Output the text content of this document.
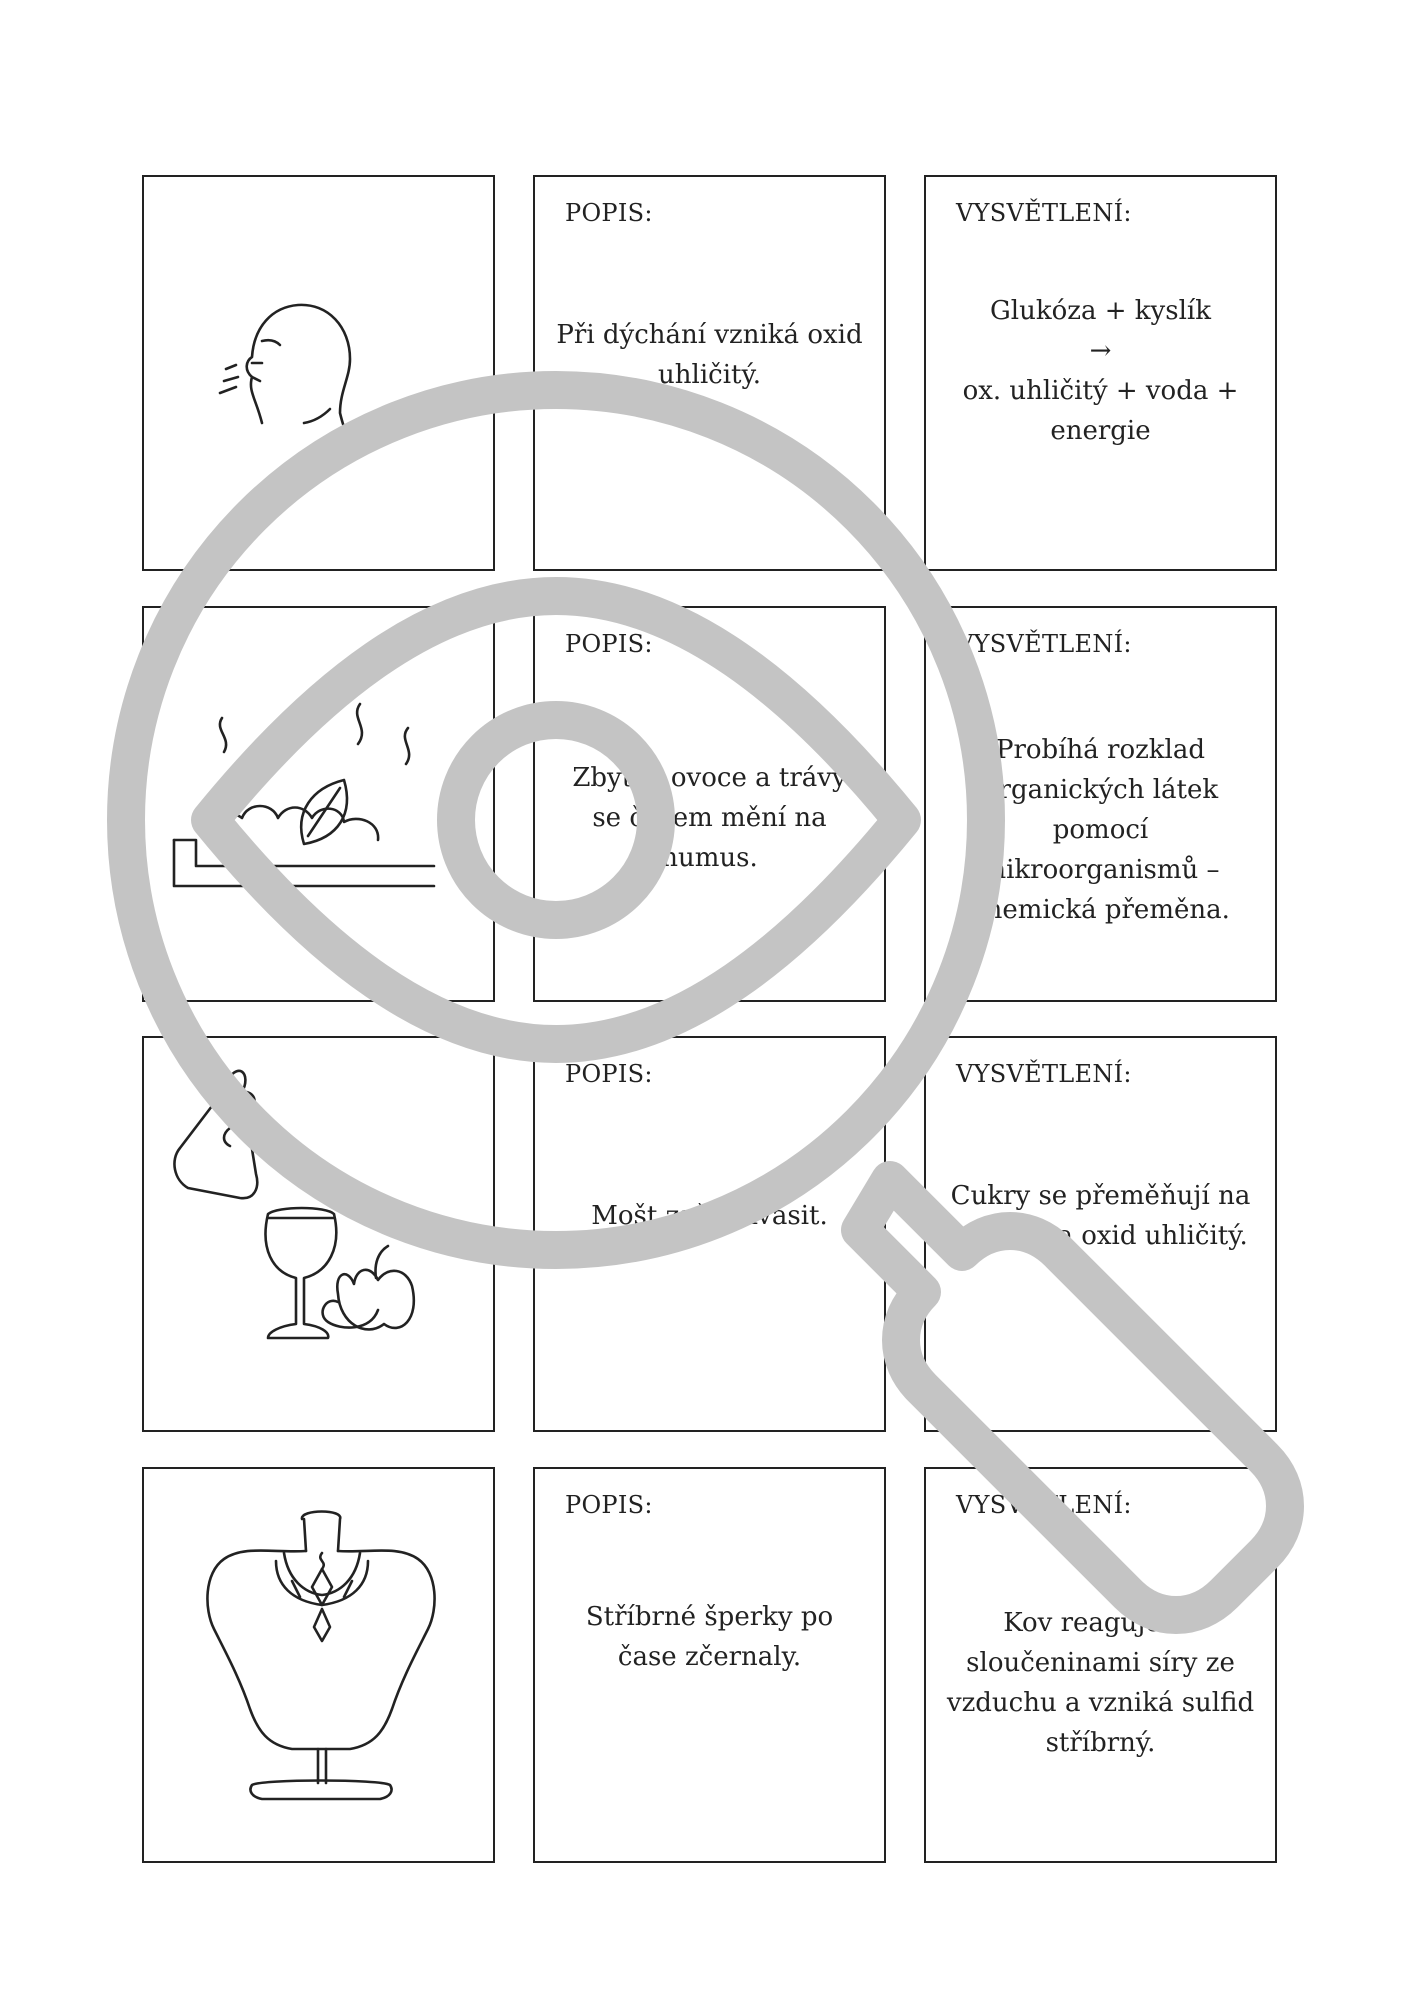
POPIS:
Při dýchání vzniká oxid uhličitý.
VYSVĚTLENÍ:
Glukóza + kyslík
→
ox. uhličitý + voda +
energie
POPIS:
Zbytky ovoce a trávy
se časem mění na
humus.
VYSVĚTLENÍ:
Probíhá rozklad
organických látek
pomocí
mikroorganismů –
chemická přeměna.
POPIS:
Mošt začal kvasit.
VYSVĚTLENÍ:
Cukry se přeměňují na
alkohol a oxid uhličitý.
POPIS:
Stříbrné šperky po
čase zčernaly.
VYSVĚTLENÍ:
Kov reaguje se
sloučeninami síry ze
vzduchu a vzniká sulfid
stříbrný.
